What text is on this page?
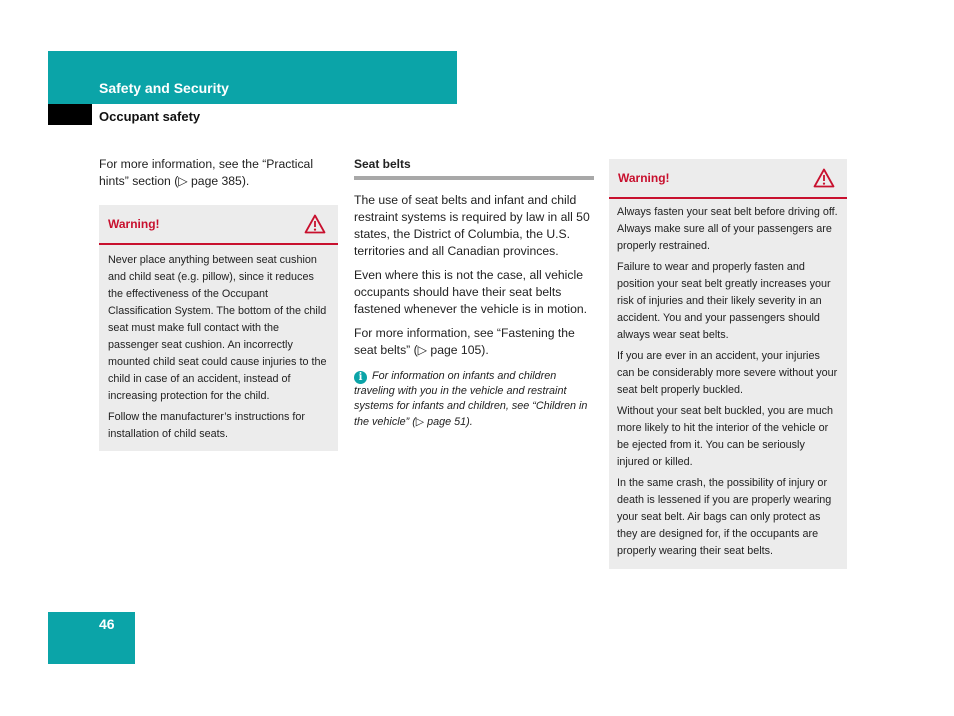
Safety and Security
Occupant safety

For more information, see the “Practical hints” section (▷ page 385).

Warning!

Never place anything between seat cushion and child seat (e.g. pillow), since it reduces the effectiveness of the Occupant Classification System. The bottom of the child seat must make full contact with the passenger seat cushion. An incorrectly mounted child seat could cause injuries to the child in case of an accident, instead of increasing protection for the child.

Follow the manufacturer’s instructions for installation of child seats.

Seat belts

The use of seat belts and infant and child restraint systems is required by law in all 50 states, the District of Columbia, the U.S. territories and all Canadian provinces.

Even where this is not the case, all vehicle occupants should have their seat belts fastened whenever the vehicle is in motion.

For more information, see “Fastening the seat belts” (▷ page 105).

i For information on infants and children traveling with you in the vehicle and restraint systems for infants and children, see “Children in the vehicle” (▷ page 51).
Warning!

Always fasten your seat belt before driving off. Always make sure all of your passengers are properly restrained.

Failure to wear and properly fasten and position your seat belt greatly increases your risk of injuries and their likely severity in an accident. You and your passengers should always wear seat belts.

If you are ever in an accident, your injuries can be considerably more severe without your seat belt properly buckled.

Without your seat belt buckled, you are much more likely to hit the interior of the vehicle or be ejected from it. You can be seriously injured or killed.

In the same crash, the possibility of injury or death is lessened if you are properly wearing your seat belt. Air bags can only protect as they are designed for, if the occupants are properly wearing their seat belts.

46
